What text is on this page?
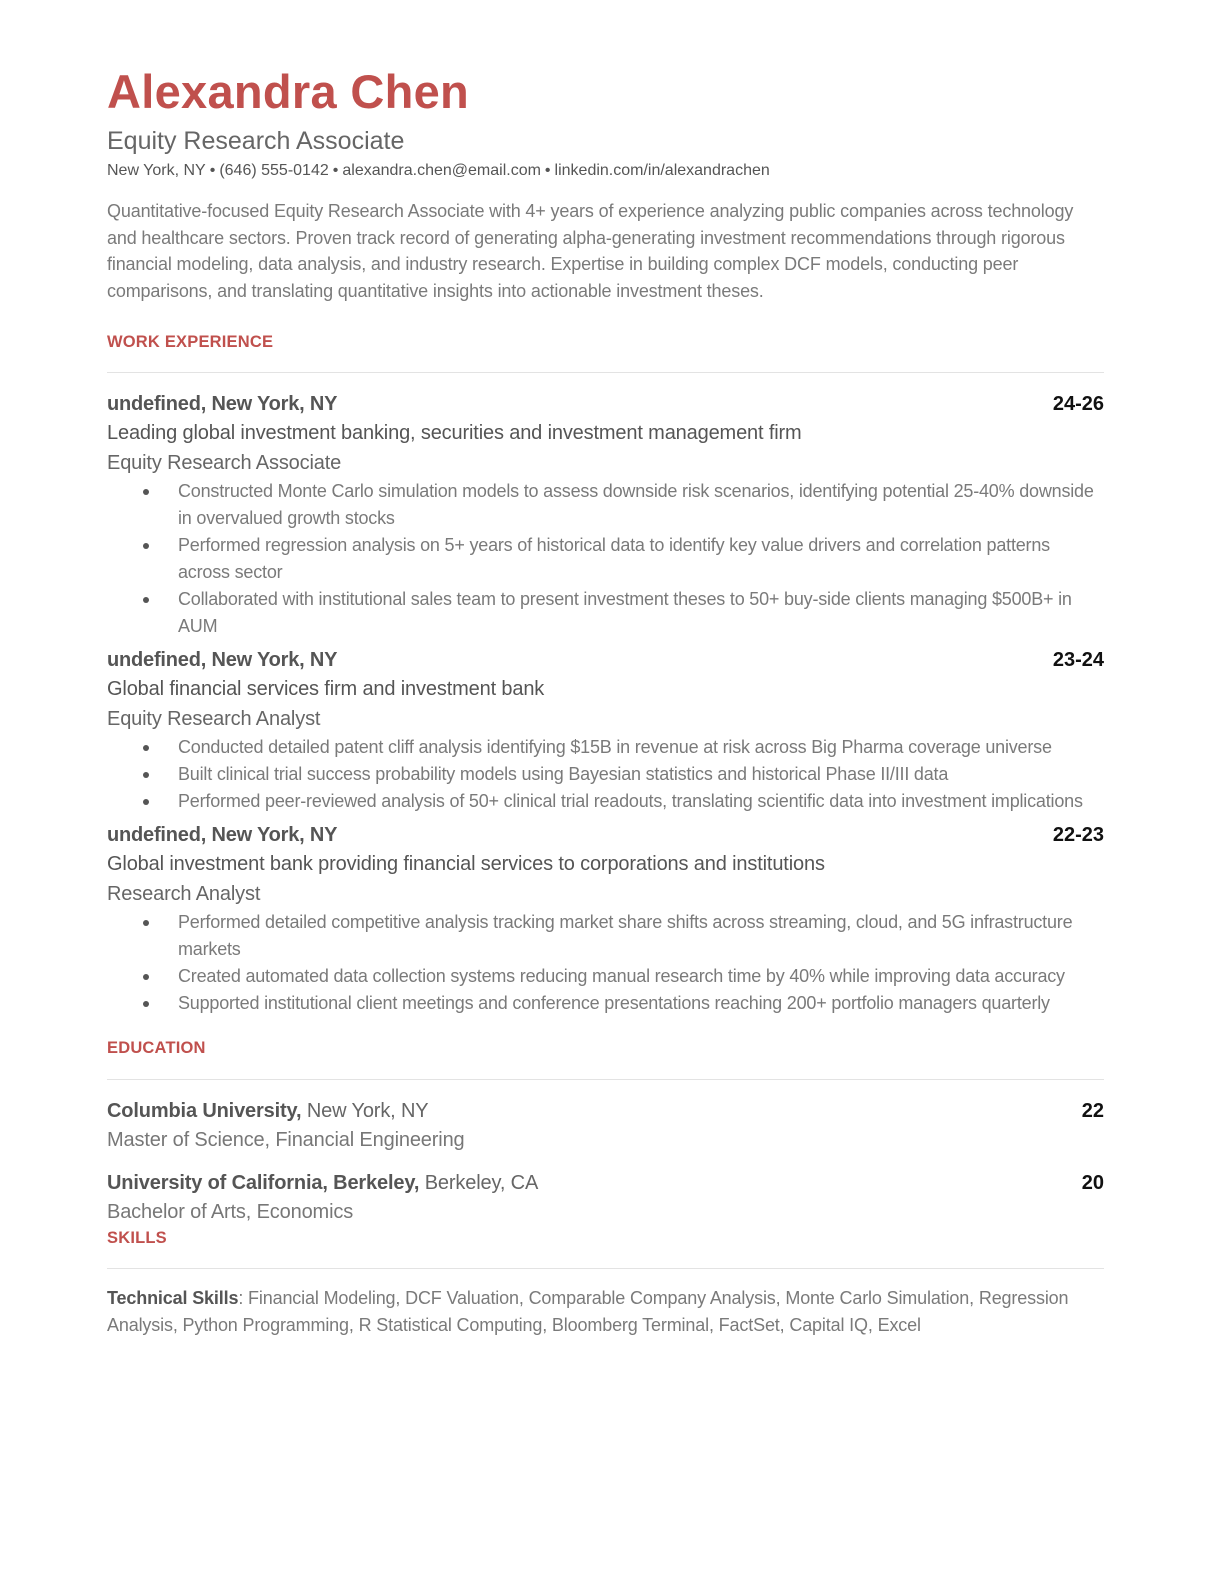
Alexandra Chen
Equity Research Associate
New York, NY • (646) 555-0142 • alexandra.chen@email.com • linkedin.com/in/alexandrachen

Quantitative-focused Equity Research Associate with 4+ years of experience analyzing public companies across technology and healthcare sectors. Proven track record of generating alpha-generating investment recommendations through rigorous financial modeling, data analysis, and industry research. Expertise in building complex DCF models, conducting peer comparisons, and translating quantitative insights into actionable investment theses.

WORK EXPERIENCE
undefined, New York, NY	24-26
Leading global investment banking, securities and investment management firm
Equity Research Associate
Constructed Monte Carlo simulation models to assess downside risk scenarios, identifying potential 25-40% downside in overvalued growth stocks
Performed regression analysis on 5+ years of historical data to identify key value drivers and correlation patterns across sector
Collaborated with institutional sales team to present investment theses to 50+ buy-side clients managing $500B+ in AUM
undefined, New York, NY	23-24
Global financial services firm and investment bank
Equity Research Analyst
Conducted detailed patent cliff analysis identifying $15B in revenue at risk across Big Pharma coverage universe
Built clinical trial success probability models using Bayesian statistics and historical Phase II/III data
Performed peer-reviewed analysis of 50+ clinical trial readouts, translating scientific data into investment implications
undefined, New York, NY	22-23
Global investment bank providing financial services to corporations and institutions
Research Analyst
Performed detailed competitive analysis tracking market share shifts across streaming, cloud, and 5G infrastructure markets
Created automated data collection systems reducing manual research time by 40% while improving data accuracy
Supported institutional client meetings and conference presentations reaching 200+ portfolio managers quarterly
EDUCATION
Columbia University, New York, NY	22
Master of Science, Financial Engineering
University of California, Berkeley, Berkeley, CA	20
Bachelor of Arts, Economics
SKILLS

Technical Skills: Financial Modeling, DCF Valuation, Comparable Company Analysis, Monte Carlo Simulation, Regression Analysis, Python Programming, R Statistical Computing, Bloomberg Terminal, FactSet, Capital IQ, Excel
